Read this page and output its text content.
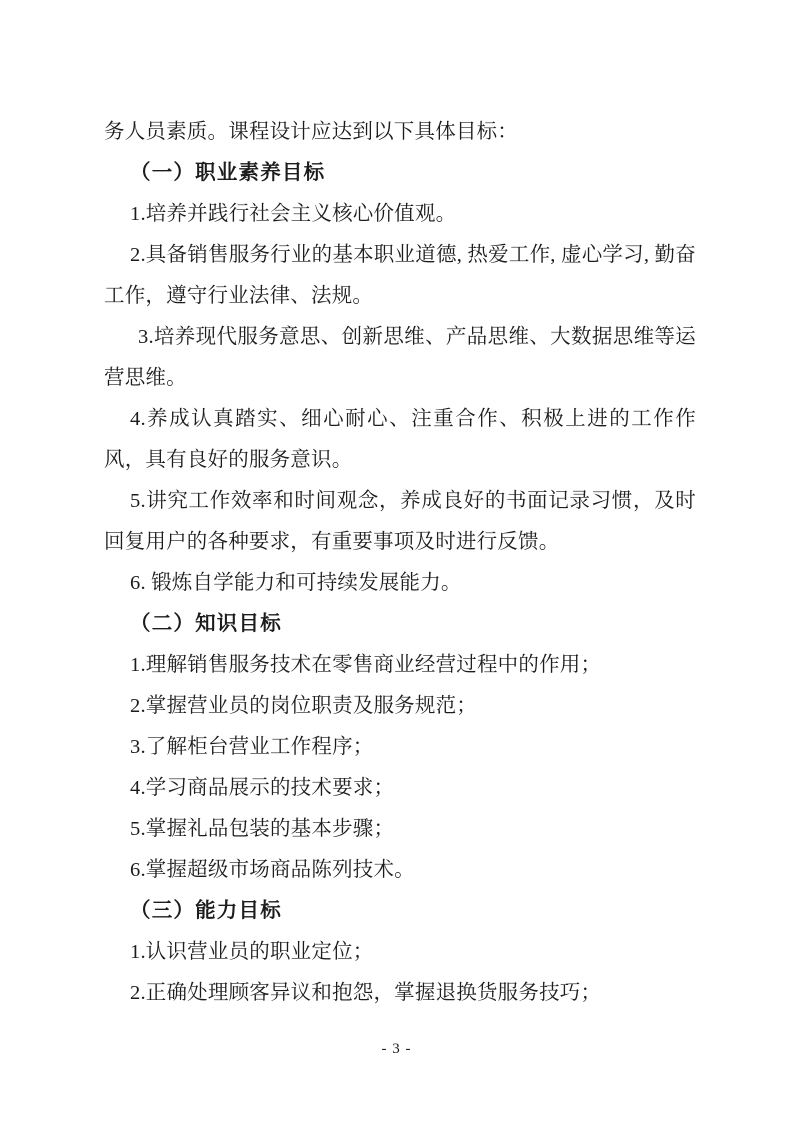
务人员素质。课程设计应达到以下具体目标：

（一）职业素养目标

1.培养并践行社会主义核心价值观。

2.具备销售服务行业的基本职业道德, 热爱工作, 虚心学习, 勤奋工作，遵守行业法律、法规。

3.培养现代服务意思、创新思维、产品思维、大数据思维等运营思维。

4.养成认真踏实、细心耐心、注重合作、积极上进的工作作风，具有良好的服务意识。

5.讲究工作效率和时间观念，养成良好的书面记录习惯，及时回复用户的各种要求，有重要事项及时进行反馈。

6. 锻炼自学能力和可持续发展能力。

（二）知识目标

1.理解销售服务技术在零售商业经营过程中的作用；

2.掌握营业员的岗位职责及服务规范；

3.了解柜台营业工作程序；

4.学习商品展示的技术要求；

5.掌握礼品包装的基本步骤；

6.掌握超级市场商品陈列技术。

（三）能力目标

1.认识营业员的职业定位；

2.正确处理顾客异议和抱怨，掌握退换货服务技巧；

- 3 -
